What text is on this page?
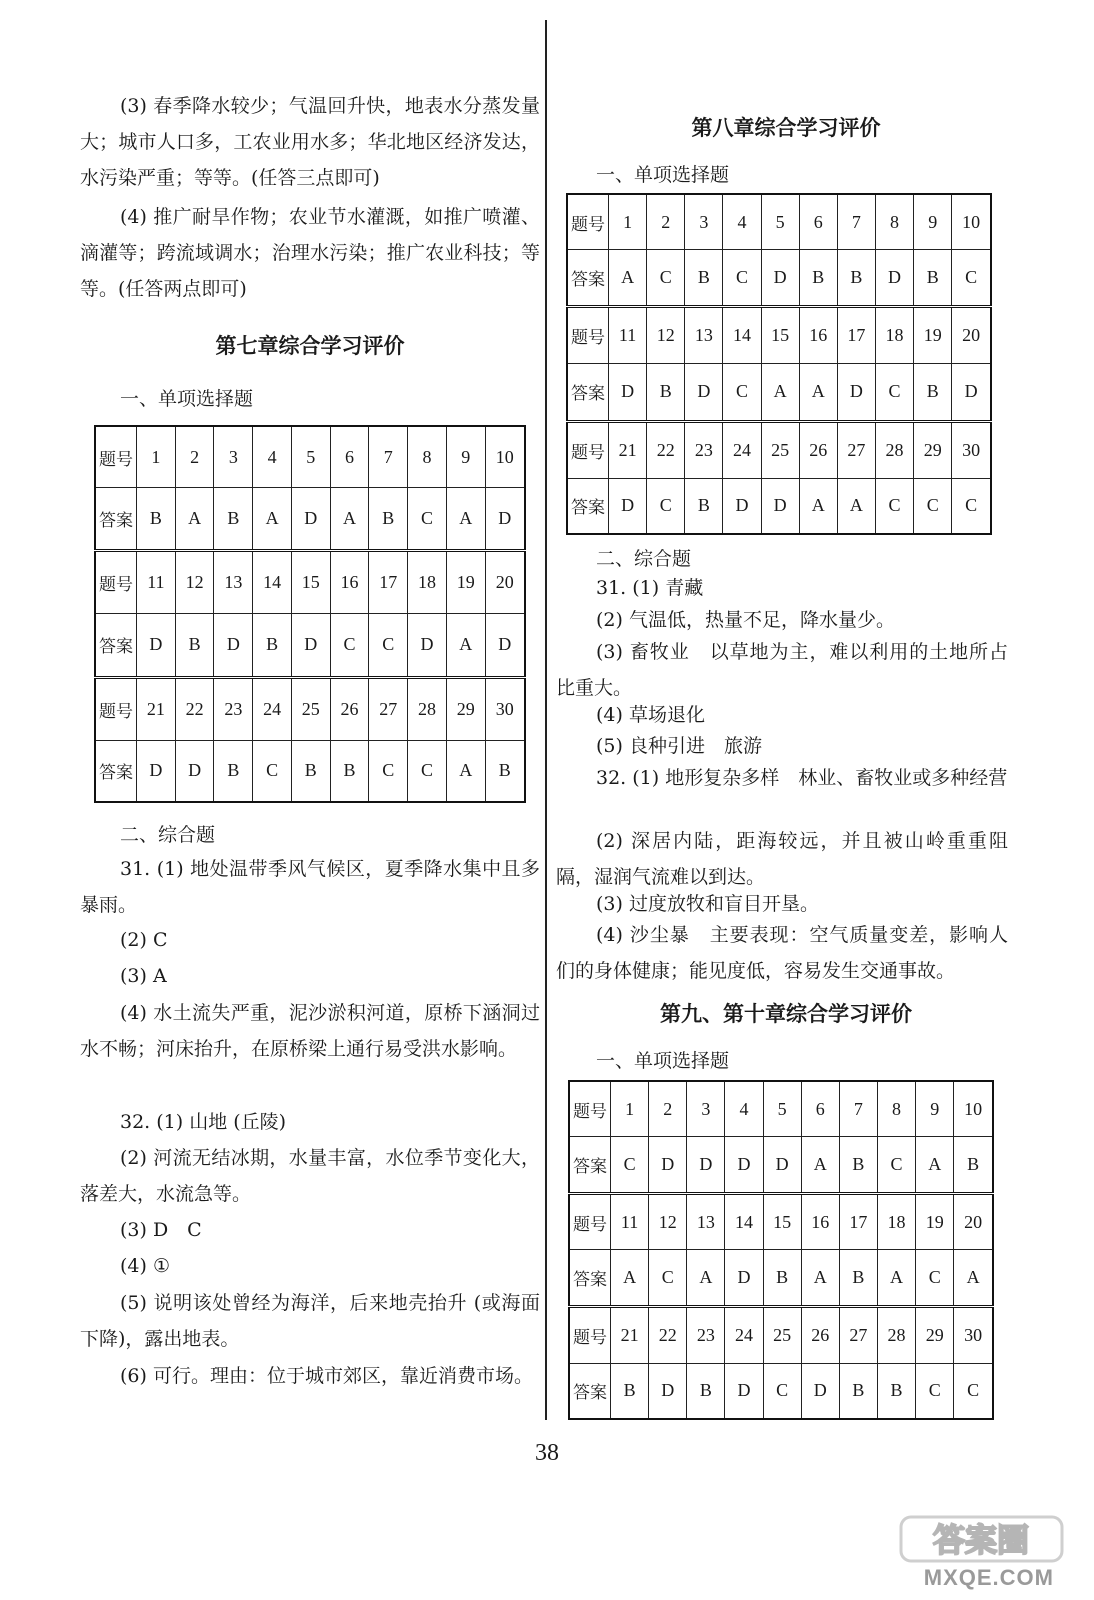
(3) 春季降水较少；气温回升快，地表水分蒸发量大；城市人口多，工农业用水多；华北地区经济发达，水污染严重；等等。(任答三点即可)

(4) 推广耐旱作物；农业节水灌溉，如推广喷灌、滴灌等；跨流域调水；治理水污染；推广农业科技；等等。(任答两点即可)

第七章综合学习评价

一、单项选择题

题号	1	2	3	4	5	6	7	8	9	10
答案	B	A	B	A	D	A	B	C	A	D
题号	11	12	13	14	15	16	17	18	19	20
答案	D	B	D	B	D	C	C	D	A	D
题号	21	22	23	24	25	26	27	28	29	30
答案	D	D	B	C	B	B	C	C	A	B

二、综合题

31. (1) 地处温带季风气候区，夏季降水集中且多暴雨。

(2) C

(3) A

(4) 水土流失严重，泥沙淤积河道，原桥下涵洞过水不畅；河床抬升，在原桥梁上通行易受洪水影响。

32. (1) 山地 (丘陵)

(2) 河流无结冰期，水量丰富，水位季节变化大，落差大，水流急等。

(3) D　C

(4) ①

(5) 说明该处曾经为海洋，后来地壳抬升 (或海面下降)，露出地表。

(6) 可行。理由：位于城市郊区，靠近消费市场。

第八章综合学习评价

一、单项选择题

题号	1	2	3	4	5	6	7	8	9	10
答案	A	C	B	C	D	B	B	D	B	C
题号	11	12	13	14	15	16	17	18	19	20
答案	D	B	D	C	A	A	D	C	B	D
题号	21	22	23	24	25	26	27	28	29	30
答案	D	C	B	D	D	A	A	C	C	C

二、综合题

31. (1) 青藏

(2) 气温低，热量不足，降水量少。

(3) 畜牧业　以草地为主，难以利用的土地所占比重大。

(4) 草场退化

(5) 良种引进　旅游

32. (1) 地形复杂多样　林业、畜牧业或多种经营

(2) 深居内陆，距海较远，并且被山岭重重阻隔，湿润气流难以到达。

(3) 过度放牧和盲目开垦。

(4) 沙尘暴　主要表现：空气质量变差，影响人们的身体健康；能见度低，容易发生交通事故。

第九、第十章综合学习评价

一、单项选择题

题号	1	2	3	4	5	6	7	8	9	10
答案	C	D	D	D	D	A	B	C	A	B
题号	11	12	13	14	15	16	17	18	19	20
答案	A	C	A	D	B	A	B	A	C	A
题号	21	22	23	24	25	26	27	28	29	30
答案	B	D	B	D	C	D	B	B	C	C
38
答案圈
MXQE.COM
